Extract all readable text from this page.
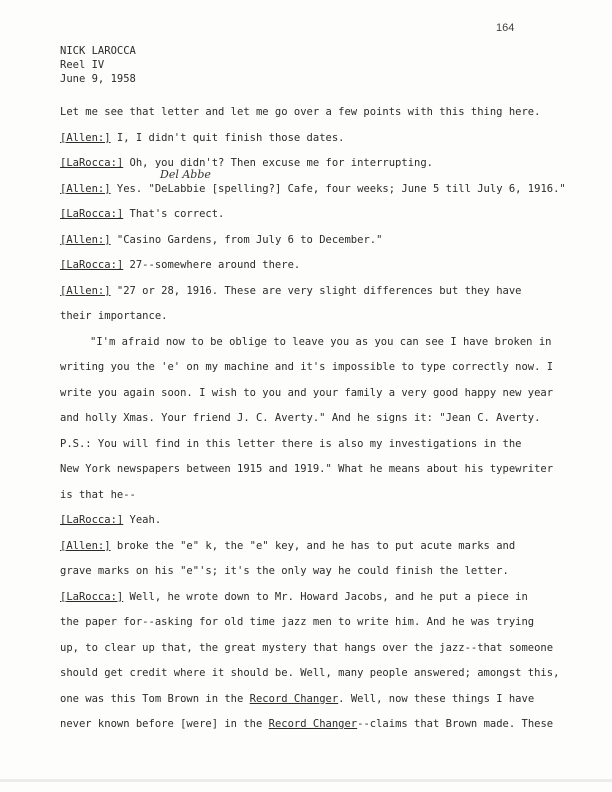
164
NICK LAROCCA
Reel IV
June 9, 1958
Del Abbe
Let me see that letter and let me go over a few points with this thing here.
[Allen:] I, I didn't quit finish those dates.
[LaRocca:] Oh, you didn't? Then excuse me for interrupting.
[Allen:] Yes. "DeLabbie [spelling?] Cafe, four weeks; June 5 till July 6, 1916."
[LaRocca:] That's correct.
[Allen:] "Casino Gardens, from July 6 to December."
[LaRocca:] 27--somewhere around there.
[Allen:] "27 or 28, 1916. These are very slight differences but they have
their importance.
"I'm afraid now to be oblige to leave you as you can see I have broken in
writing you the 'e' on my machine and it's impossible to type correctly now. I
write you again soon. I wish to you and your family a very good happy new year
and holly Xmas. Your friend J. C. Averty." And he signs it: "Jean C. Averty.
P.S.: You will find in this letter there is also my investigations in the
New York newspapers between 1915 and 1919." What he means about his typewriter
is that he--
[LaRocca:] Yeah.
[Allen:] broke the "e" k, the "e" key, and he has to put acute marks and
grave marks on his "e"'s; it's the only way he could finish the letter.
[LaRocca:] Well, he wrote down to Mr. Howard Jacobs, and he put a piece in
the paper for--asking for old time jazz men to write him. And he was trying
up, to clear up that, the great mystery that hangs over the jazz--that someone
should get credit where it should be. Well, many people answered; amongst this,
one was this Tom Brown in the Record Changer. Well, now these things I have
never known before [were] in the Record Changer--claims that Brown made. These
